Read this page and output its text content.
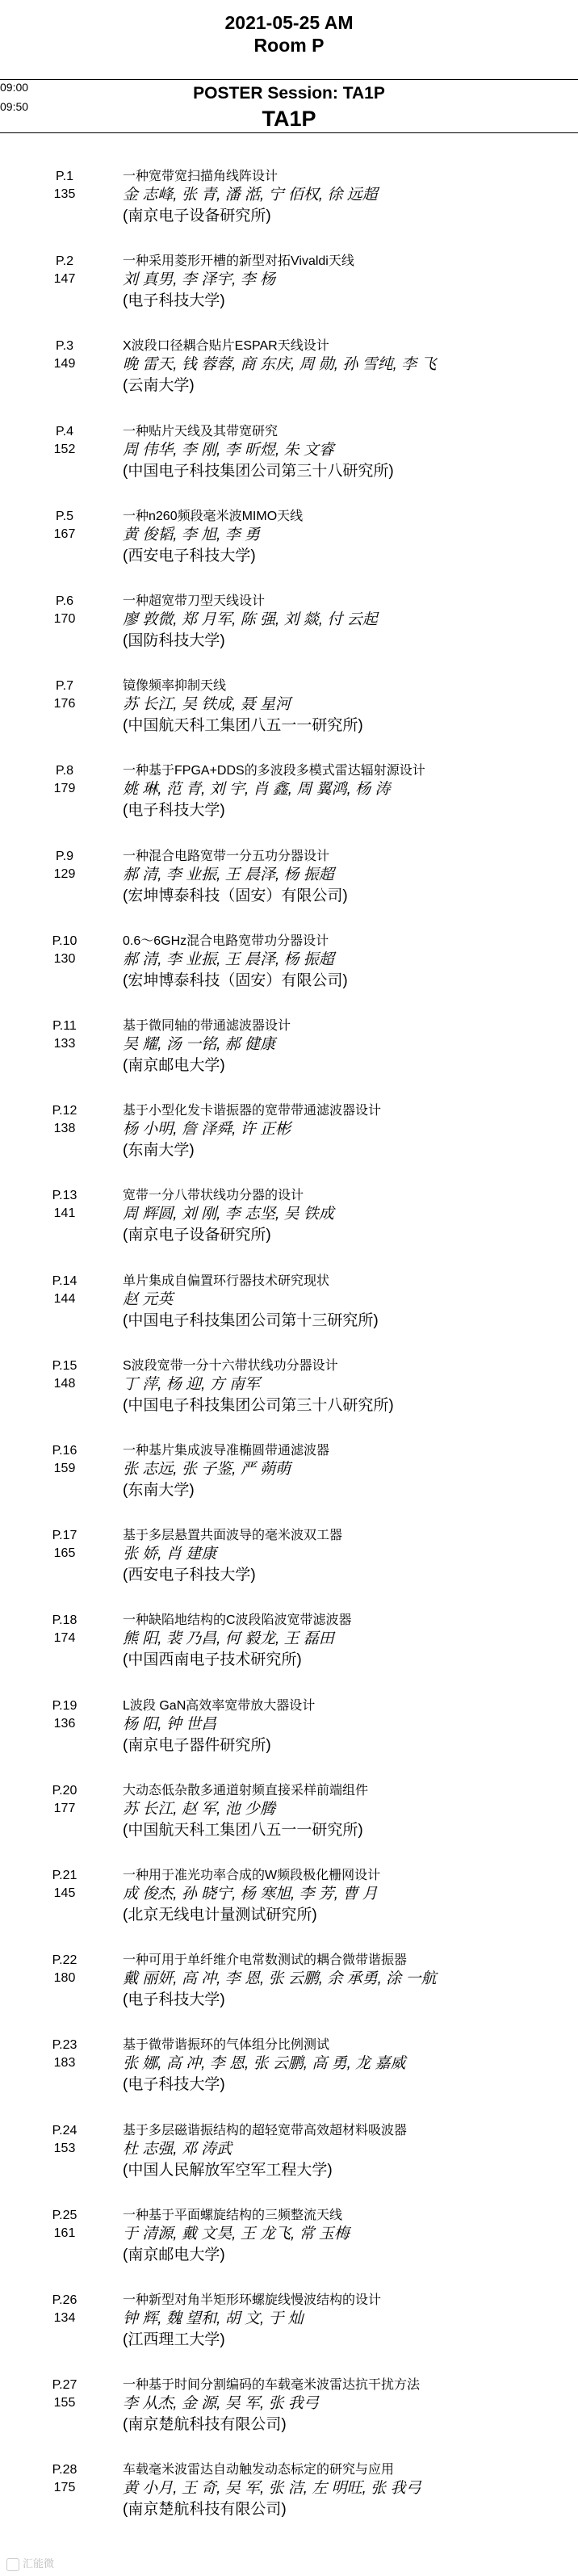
2021-05-25 AM
Room P
09:00	POSTER Session: TA1P
TA1P
09:50
P.1
135
一种宽带宽扫描角线阵设计
金 志峰, 张 青, 潘 湉, 宁 佰权, 徐 远超
(南京电子设备研究所)
P.2
147
一种采用菱形开槽的新型对拓Vivaldi天线
刘 真男, 李 泽宇, 李 杨
(电子科技大学)
P.3
149
X波段口径耦合贴片ESPAR天线设计
晚 雷天, 钱 蓉蓉, 商 东庆, 周 勋, 孙 雪纯, 李 飞
(云南大学)
P.4
152
一种贴片天线及其带宽研究
周 伟华, 李 刚, 李 昕煜, 朱 文睿
(中国电子科技集团公司第三十八研究所)
P.5
167
一种n260频段毫米波MIMO天线
黄 俊韬, 李 旭, 李 勇
(西安电子科技大学)
P.6
170
一种超宽带刀型天线设计
廖 敦微, 郑 月军, 陈 强, 刘 燚, 付 云起
(国防科技大学)
P.7
176
镜像频率抑制天线
苏 长江, 吴 铁成, 聂 星河
(中国航天科工集团八五一一研究所)
P.8
179
一种基于FPGA+DDS的多波段多模式雷达辐射源设计
姚 琳, 范 青, 刘 宇, 肖 鑫, 周 翼鸿, 杨 涛
(电子科技大学)
P.9
129
一种混合电路宽带一分五功分器设计
郝 清, 李 业振, 王 晨泽, 杨 振超
(宏坤博泰科技（固安）有限公司)
P.10
130
0.6～6GHz混合电路宽带功分器设计
郝 清, 李 业振, 王 晨泽, 杨 振超
(宏坤博泰科技（固安）有限公司)
P.11
133
基于微同轴的带通滤波器设计
吴 耀, 汤 一铭, 郝 健康
(南京邮电大学)
P.12
138
基于小型化发卡谐振器的宽带带通滤波器设计
杨 小明, 詹 泽舜, 许 正彬
(东南大学)
P.13
141
宽带一分八带状线功分器的设计
周 辉圆, 刘 刚, 李 志坚, 吴 铁成
(南京电子设备研究所)
P.14
144
单片集成自偏置环行器技术研究现状
赵 元英
(中国电子科技集团公司第十三研究所)
P.15
148
S波段宽带一分十六带状线功分器设计
丁 萍, 杨 迎, 方 南军
(中国电子科技集团公司第三十八研究所)
P.16
159
一种基片集成波导准椭圆带通滤波器
张 志远, 张 子鉴, 严 蒴萌
(东南大学)
P.17
165
基于多层悬置共面波导的毫米波双工器
张 娇, 肖 建康
(西安电子科技大学)
P.18
174
一种缺陷地结构的C波段陷波宽带滤波器
熊 阳, 裴 乃昌, 何 毅龙, 王 磊田
(中国西南电子技术研究所)
P.19
136
L波段 GaN高效率宽带放大器设计
杨 阳, 钟 世昌
(南京电子器件研究所)
P.20
177
大动态低杂散多通道射频直接采样前端组件
苏 长江, 赵 军, 池 少腾
(中国航天科工集团八五一一研究所)
P.21
145
一种用于准光功率合成的W频段极化栅网设计
成 俊杰, 孙 晓宁, 杨 寒旭, 李 芳, 曹 月
(北京无线电计量测试研究所)
P.22
180
一种可用于单纤维介电常数测试的耦合微带谐振器
戴 丽妍, 高 冲, 李 恩, 张 云鹏, 余 承勇, 涂 一航
(电子科技大学)
P.23
183
基于微带谐振环的气体组分比例测试
张 娜, 高 冲, 李 恩, 张 云鹏, 高 勇, 龙 嘉威
(电子科技大学)
P.24
153
基于多层磁谐振结构的超轻宽带高效超材料吸波器
杜 志强, 邓 涛武
(中国人民解放军空军工程大学)
P.25
161
一种基于平面螺旋结构的三频整流天线
于 清源, 戴 文昊, 王 龙飞, 常 玉梅
(南京邮电大学)
P.26
134
一种新型对角半矩形环螺旋线慢波结构的设计
钟 辉, 魏 望和, 胡 文, 于 灿
(江西理工大学)
P.27
155
一种基于时间分割编码的车载毫米波雷达抗干扰方法
李 从杰, 金 源, 吴 军, 张 我弓
(南京楚航科技有限公司)
P.28
175
车载毫米波雷达自动触发动态标定的研究与应用
黄 小月, 王 奇, 吴 军, 张 洁, 左 明旺, 张 我弓
(南京楚航科技有限公司)
汇能微
